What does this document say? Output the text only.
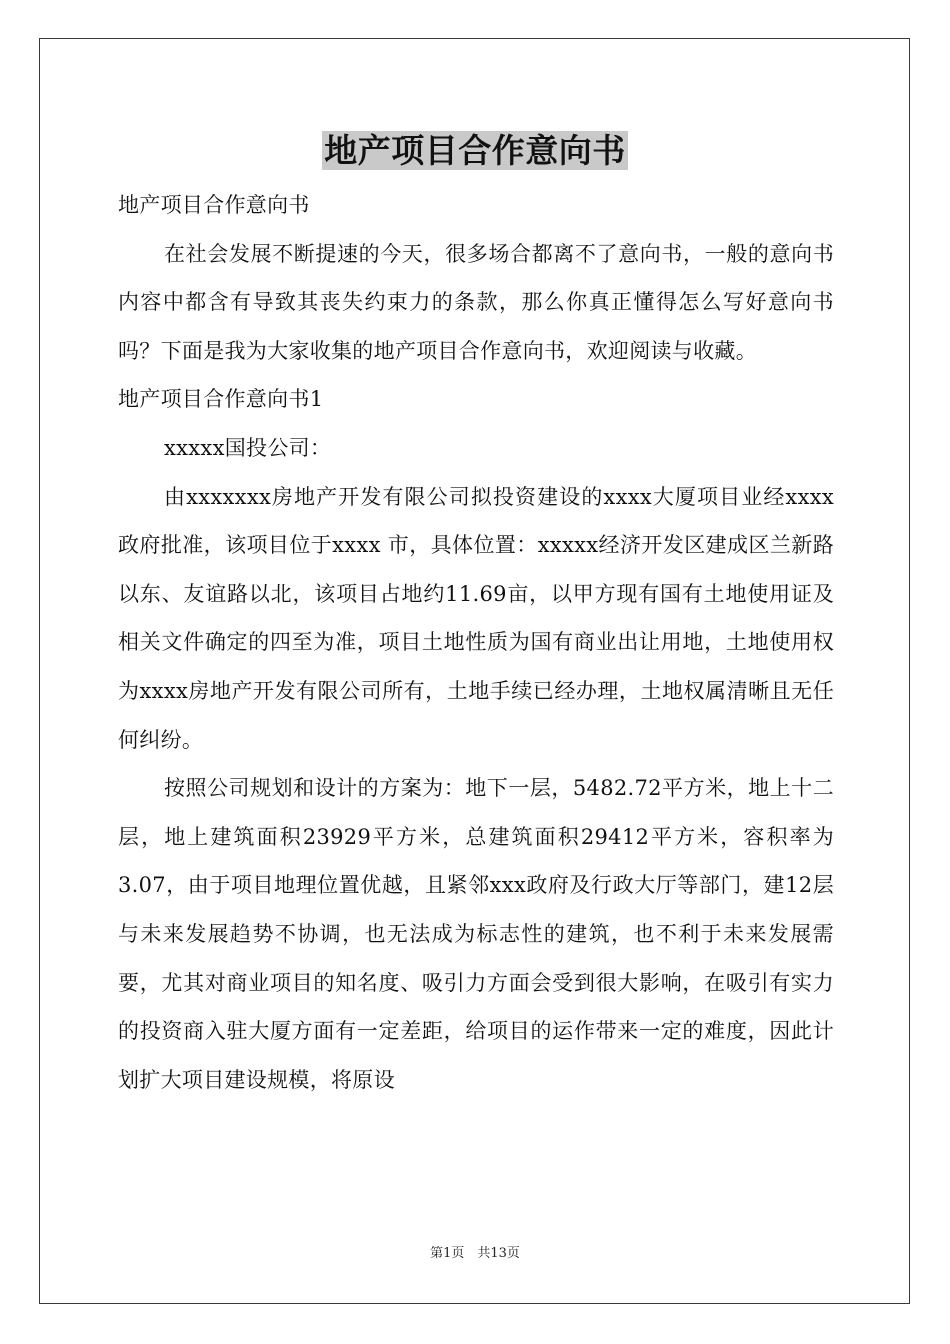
地产项目合作意向书

地产项目合作意向书

在社会发展不断提速的今天，很多场合都离不了意向书，一般的意向书内容中都含有导致其丧失约束力的条款，那么你真正懂得怎么写好意向书吗？下面是我为大家收集的地产项目合作意向书，欢迎阅读与收藏。

地产项目合作意向书1

xxxxx国投公司：

由xxxxxxx房地产开发有限公司拟投资建设的xxxx大厦项目业经xxxx政府批准，该项目位于xxxx 市，具体位置：xxxxx经济开发区建成区兰新路以东、友谊路以北，该项目占地约11.69亩，以甲方现有国有土地使用证及相关文件确定的四至为准，项目土地性质为国有商业出让用地，土地使用权为xxxx房地产开发有限公司所有，土地手续已经办理，土地权属清晰且无任何纠纷。

按照公司规划和设计的方案为：地下一层，5482.72平方米，地上十二层，地上建筑面积23929平方米，总建筑面积29412平方米，容积率为3.07，由于项目地理位置优越，且紧邻xxx政府及行政大厅等部门，建12层与未来发展趋势不协调，也无法成为标志性的建筑，也不利于未来发展需要，尤其对商业项目的知名度、吸引力方面会受到很大影响，在吸引有实力的投资商入驻大厦方面有一定差距，给项目的运作带来一定的难度，因此计划扩大项目建设规模，将原设

第1页　共13页
